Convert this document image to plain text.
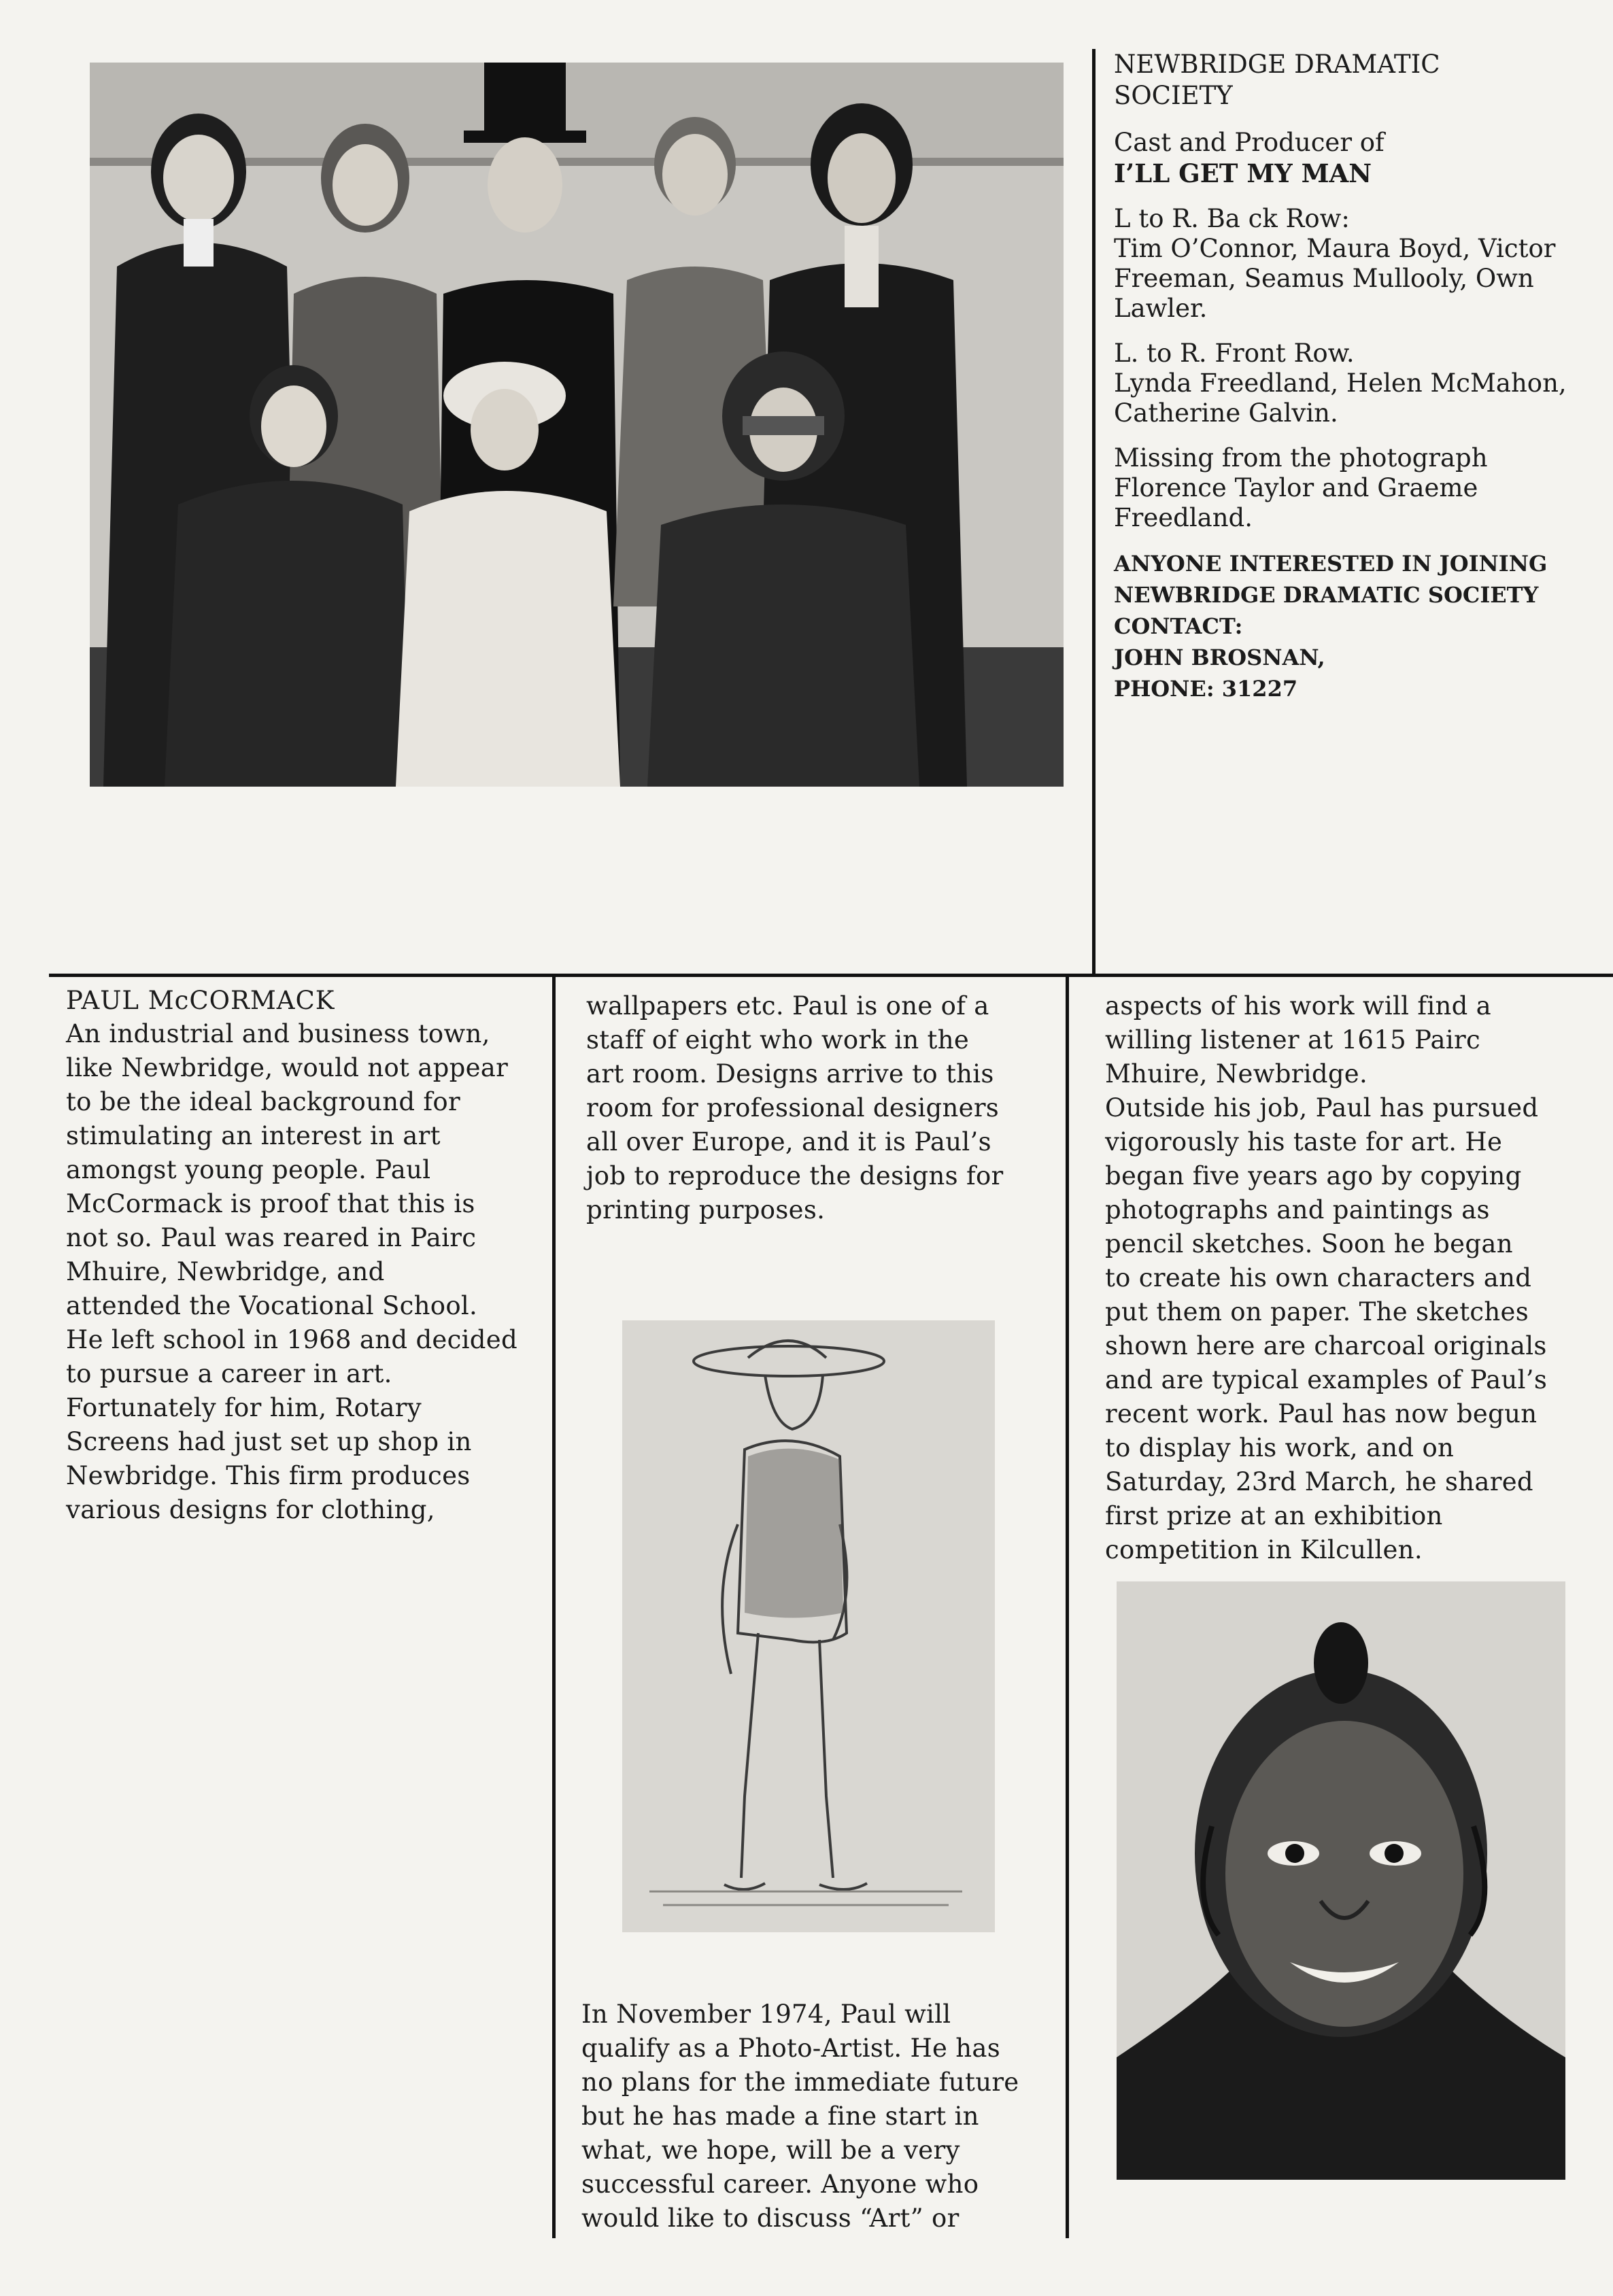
NEWBRIDGE DRAMATIC
SOCIETY

Cast and Producer of

I’LL GET MY MAN

L to R. Ba ck Row:
Tim O’Connor, Maura Boyd, Victor
Freeman, Seamus Mullooly, Own
Lawler.

L. to R. Front Row.
Lynda Freedland, Helen McMahon,
Catherine Galvin.

Missing from the photograph
Florence Taylor and Graeme
Freedland.

ANYONE INTERESTED IN JOINING
NEWBRIDGE DRAMATIC SOCIETY
CONTACT:
JOHN BROSNAN,
PHONE: 31227

PAUL McCORMACK

An industrial and business town,
like Newbridge, would not appear
to be the ideal background for
stimulating an interest in art
amongst young people. Paul
McCormack is proof that this is
not so. Paul was reared in Pairc
Mhuire, Newbridge, and
attended the Vocational School.
He left school in 1968 and decided
to pursue a career in art.
Fortunately for him, Rotary
Screens had just set up shop in
Newbridge. This firm produces
various designs for clothing,

wallpapers etc. Paul is one of a
staff of eight who work in the
art room. Designs arrive to this
room for professional designers
all over Europe, and it is Paul’s
job to reproduce the designs for
printing purposes.

In November 1974, Paul will
qualify as a Photo-Artist. He has
no plans for the immediate future
but he has made a fine start in
what, we hope, will be a very
successful career. Anyone who
would like to discuss “Art” or

aspects of his work will find a
willing listener at 1615 Pairc
Mhuire, Newbridge.
Outside his job, Paul has pursued
vigorously his taste for art. He
began five years ago by copying
photographs and paintings as
pencil sketches. Soon he began
to create his own characters and
put them on paper. The sketches
shown here are charcoal originals
and are typical examples of Paul’s
recent work. Paul has now begun
to display his work, and on
Saturday, 23rd March, he shared
first prize at an exhibition
competition in Kilcullen.
